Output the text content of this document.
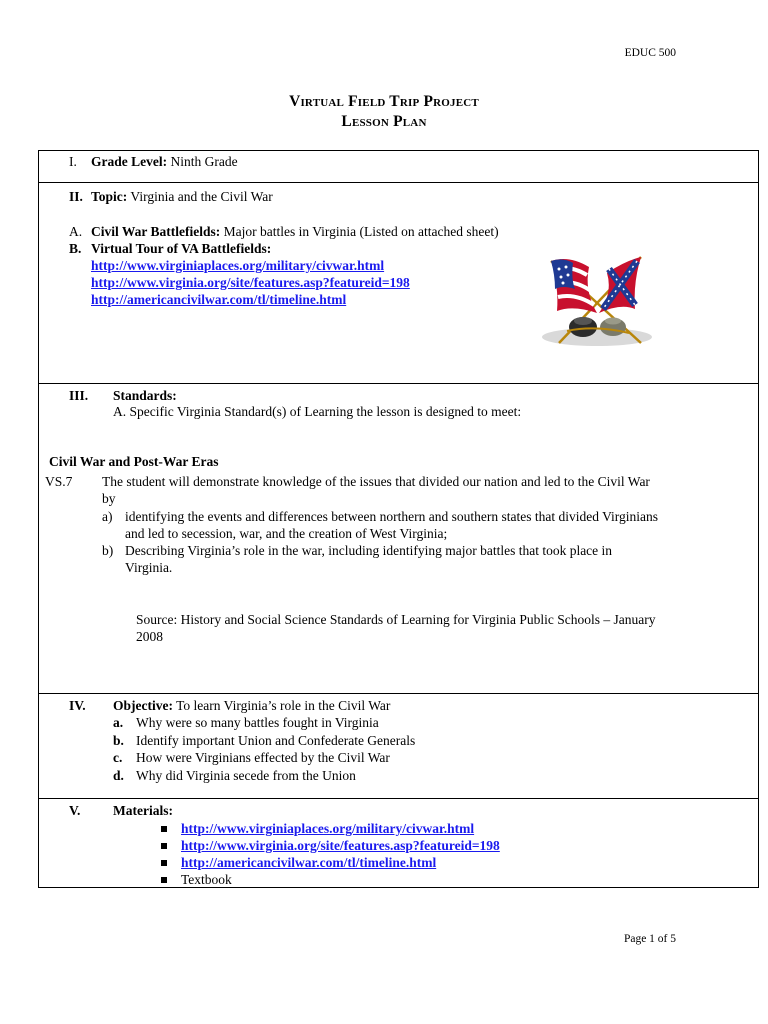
EDUC 500
Virtual Field Trip Project
Lesson Plan
I. Grade Level: Ninth Grade
II. Topic: Virginia and the Civil War
A. Civil War Battlefields: Major battles in Virginia (Listed on attached sheet)
B. Virtual Tour of VA Battlefields:
http://www.virginiaplaces.org/military/civwar.html
http://www.virginia.org/site/features.asp?featureid=198
http://americancivilwar.com/tl/timeline.html
III. Standards:
A. Specific Virginia Standard(s) of Learning the lesson is designed to meet:
Civil War and Post-War Eras
VS.7 The student will demonstrate knowledge of the issues that divided our nation and led to the Civil War
by
a) identifying the events and differences between northern and southern states that divided Virginians
and led to secession, war, and the creation of West Virginia;
b) Describing Virginia’s role in the war, including identifying major battles that took place in
Virginia.
Source: History and Social Science Standards of Learning for Virginia Public Schools – January
2008
IV. Objective: To learn Virginia’s role in the Civil War
a. Why were so many battles fought in Virginia
b. Identify important Union and Confederate Generals
c. How were Virginians effected by the Civil War
d. Why did Virginia secede from the Union
V. Materials:
http://www.virginiaplaces.org/military/civwar.html
http://www.virginia.org/site/features.asp?featureid=198
http://americancivilwar.com/tl/timeline.html
Textbook
Page 1 of 5
